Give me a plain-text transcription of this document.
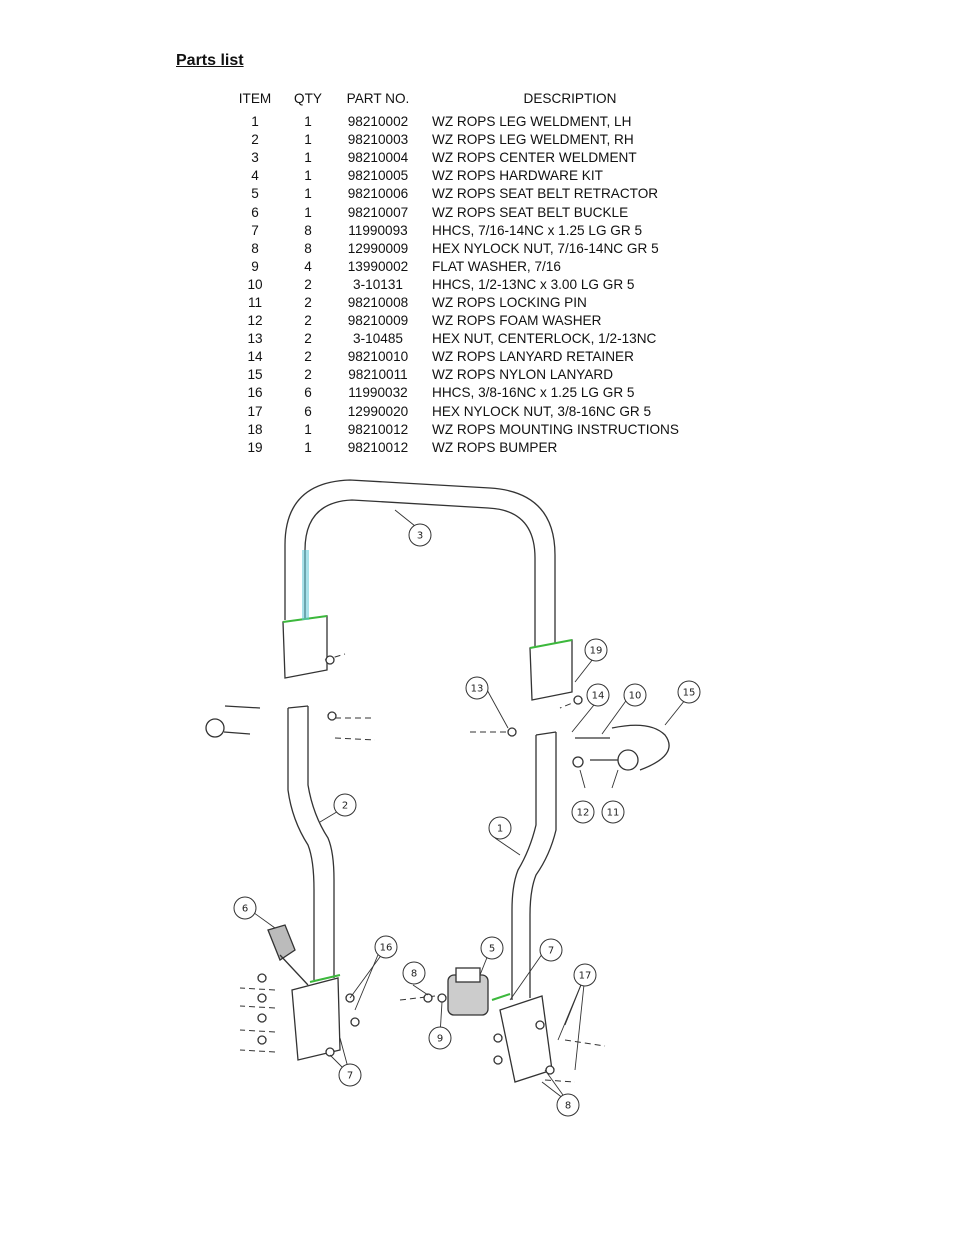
Parts list
ITEM	QTY	PART NO.	DESCRIPTION
1	1	98210002	WZ ROPS LEG WELDMENT, LH
2	1	98210003	WZ ROPS LEG WELDMENT, RH
3	1	98210004	WZ ROPS CENTER WELDMENT
4	1	98210005	WZ ROPS HARDWARE KIT
5	1	98210006	WZ ROPS SEAT BELT RETRACTOR
6	1	98210007	WZ ROPS SEAT BELT BUCKLE
7	8	11990093	HHCS, 7/16-14NC x 1.25 LG GR 5
8	8	12990009	HEX NYLOCK NUT, 7/16-14NC GR 5
9	4	13990002	FLAT WASHER, 7/16
10	2	3-10131	HHCS, 1/2-13NC x 3.00 LG GR 5
11	2	98210008	WZ ROPS LOCKING PIN
12	2	98210009	WZ ROPS FOAM WASHER
13	2	3-10485	HEX NUT, CENTERLOCK, 1/2-13NC
14	2	98210010	WZ ROPS LANYARD RETAINER
15	2	98210011	WZ ROPS NYLON LANYARD
16	6	11990032	HHCS, 3/8-16NC x 1.25 LG GR 5
17	6	12990020	HEX NYLOCK NUT, 3/8-16NC GR 5
18	1	98210012	WZ ROPS MOUNTING INSTRUCTIONS
19	1	98210012	WZ ROPS BUMPER
1
2
3
5
6
7
7
8
8
9
10
11
12
13
14	15
16
17
19
